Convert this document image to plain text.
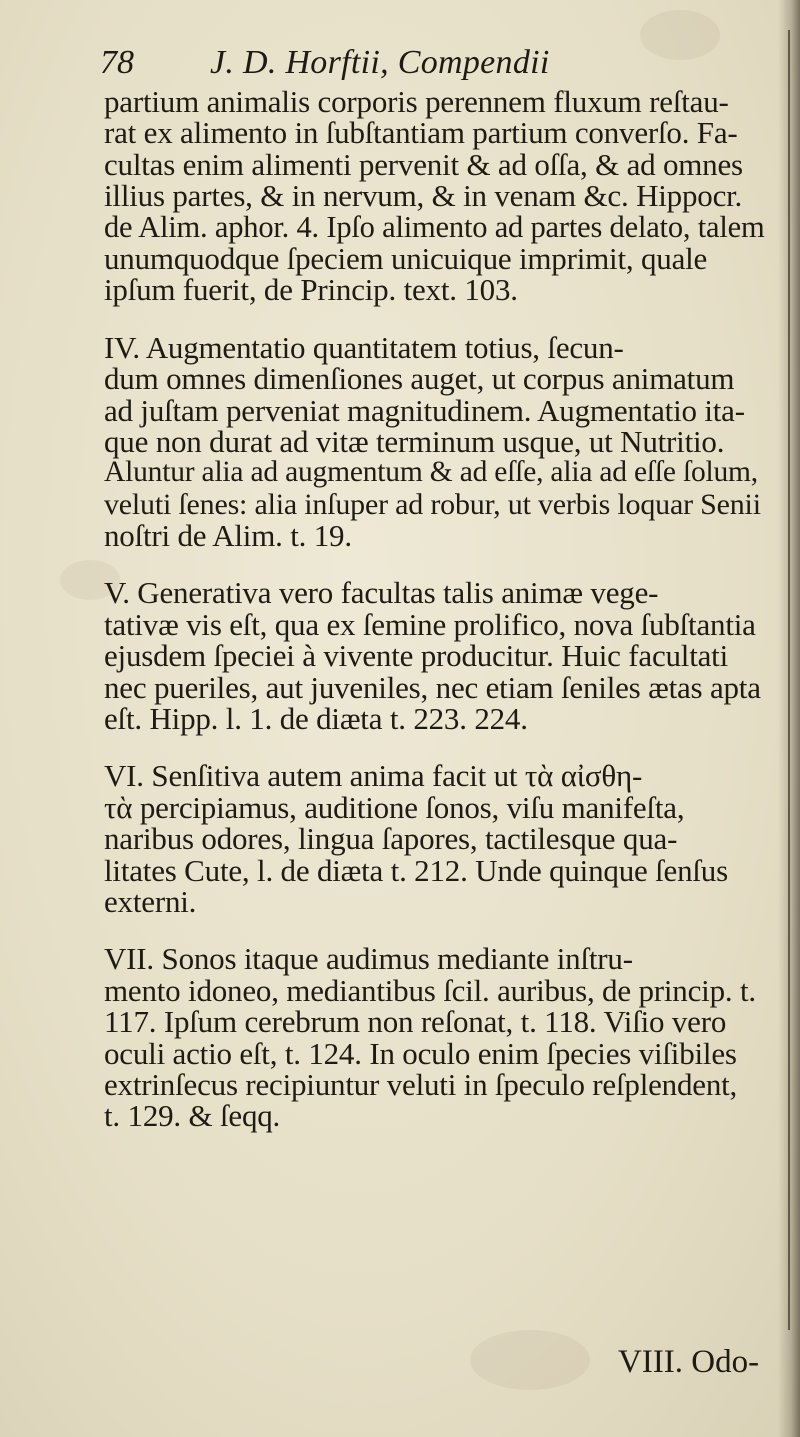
78 J. D. Horftii, Compendii
partium animalis corporis perennem fluxum reſtau-
rat ex alimento in ſubſtantiam partium converſo. Fa-
cultas enim alimenti pervenit & ad oſſa, & ad omnes
illius partes, & in nervum, & in venam &c. Hippocr.
de Alim. aphor. 4. Ipſo alimento ad partes delato, talem
unumquodque ſpeciem unicuique imprimit, quale
ipſum fuerit, de Princip. text. 103.
IV. Augmentatio quantitatem totius, ſecun-
dum omnes dimenſiones auget, ut corpus animatum
ad juſtam perveniat magnitudinem. Augmentatio ita-
que non durat ad vitæ terminum usque, ut Nutritio.
Aluntur alia ad augmentum & ad eſſe, alia ad eſſe ſolum,
veluti ſenes: alia inſuper ad robur, ut verbis loquar Senii
noſtri de Alim. t. 19.
V. Generativa vero facultas talis animæ vege-
tativæ vis eſt, qua ex ſemine prolifico, nova ſubſtantia
ejusdem ſpeciei à vivente producitur. Huic facultati
nec pueriles, aut juveniles, nec etiam ſeniles ætas apta
eſt. Hipp. l. 1. de diæta t. 223. 224.
VI. Senſitiva autem anima facit ut τὰ αἰσθη-
τὰ percipiamus, auditione ſonos, viſu manifeſta,
naribus odores, lingua ſapores, tactilesque qua-
litates Cute, l. de diæta t. 212. Unde quinque ſenſus
externi.
VII. Sonos itaque audimus mediante inſtru-
mento idoneo, mediantibus ſcil. auribus, de princip. t.
117. Ipſum cerebrum non reſonat, t. 118. Viſio vero
oculi actio eſt, t. 124. In oculo enim ſpecies viſibiles
extrinſecus recipiuntur veluti in ſpeculo reſplendent,
t. 129. & ſeqq.
VIII. Odo-
